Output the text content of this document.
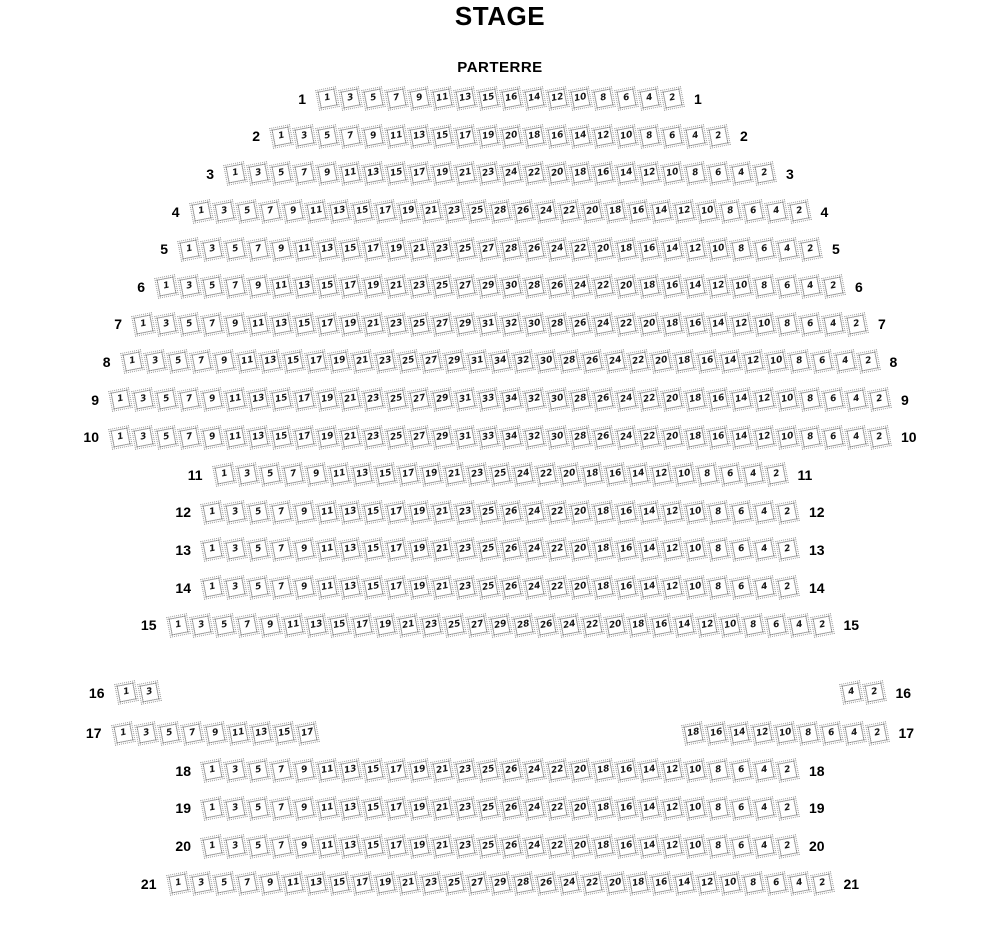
STAGE
PARTERRE
1 1 3 5 7 9 11 13 15 16 14 12 10 8 6 4 2 1
2 1 3 5 7 9 11 13 15 17 19 20 18 16 14 12 10 8 6 4 2 2
3 1 3 5 7 9 11 13 15 17 19 21 23 24 22 20 18 16 14 12 10 8 6 4 2 3
4 1 3 5 7 9 11 13 15 17 19 21 23 25 28 26 24 22 20 18 16 14 12 10 8 6 4 2 4
5 1 3 5 7 9 11 13 15 17 19 21 23 25 27 28 26 24 22 20 18 16 14 12 10 8 6 4 2 5
6 1 3 5 7 9 11 13 15 17 19 21 23 25 27 29 30 28 26 24 22 20 18 16 14 12 10 8 6 4 2 6
7 1 3 5 7 9 11 13 15 17 19 21 23 25 27 29 31 32 30 28 26 24 22 20 18 16 14 12 10 8 6 4 2 7
8 1 3 5 7 9 11 13 15 17 19 21 23 25 27 29 31 34 32 30 28 26 24 22 20 18 16 14 12 10 8 6 4 2 8
9 1 3 5 7 9 11 13 15 17 19 21 23 25 27 29 31 33 34 32 30 28 26 24 22 20 18 16 14 12 10 8 6 4 2 9
10 1 3 5 7 9 11 13 15 17 19 21 23 25 27 29 31 33 34 32 30 28 26 24 22 20 18 16 14 12 10 8 6 4 2 10
11 1 3 5 7 9 11 13 15 17 19 21 23 25 24 22 20 18 16 14 12 10 8 6 4 2 11
12 1 3 5 7 9 11 13 15 17 19 21 23 25 26 24 22 20 18 16 14 12 10 8 6 4 2 12
13 1 3 5 7 9 11 13 15 17 19 21 23 25 26 24 22 20 18 16 14 12 10 8 6 4 2 13
14 1 3 5 7 9 11 13 15 17 19 21 23 25 26 24 22 20 18 16 14 12 10 8 6 4 2 14
15 1 3 5 7 9 11 13 15 17 19 21 23 25 27 29 28 26 24 22 20 18 16 14 12 10 8 6 4 2 15
16 1 3	4 2 16
17 1 3 5 7 9 11 13 15 17	18 16 14 12 10 8 6 4 2 17
18 1 3 5 7 9 11 13 15 17 19 21 23 25 26 24 22 20 18 16 14 12 10 8 6 4 2 18
19 1 3 5 7 9 11 13 15 17 19 21 23 25 26 24 22 20 18 16 14 12 10 8 6 4 2 19
20 1 3 5 7 9 11 13 15 17 19 21 23 25 26 24 22 20 18 16 14 12 10 8 6 4 2 20
21 1 3 5 7 9 11 13 15 17 19 21 23 25 27 29 28 26 24 22 20 18 16 14 12 10 8 6 4 2 21
